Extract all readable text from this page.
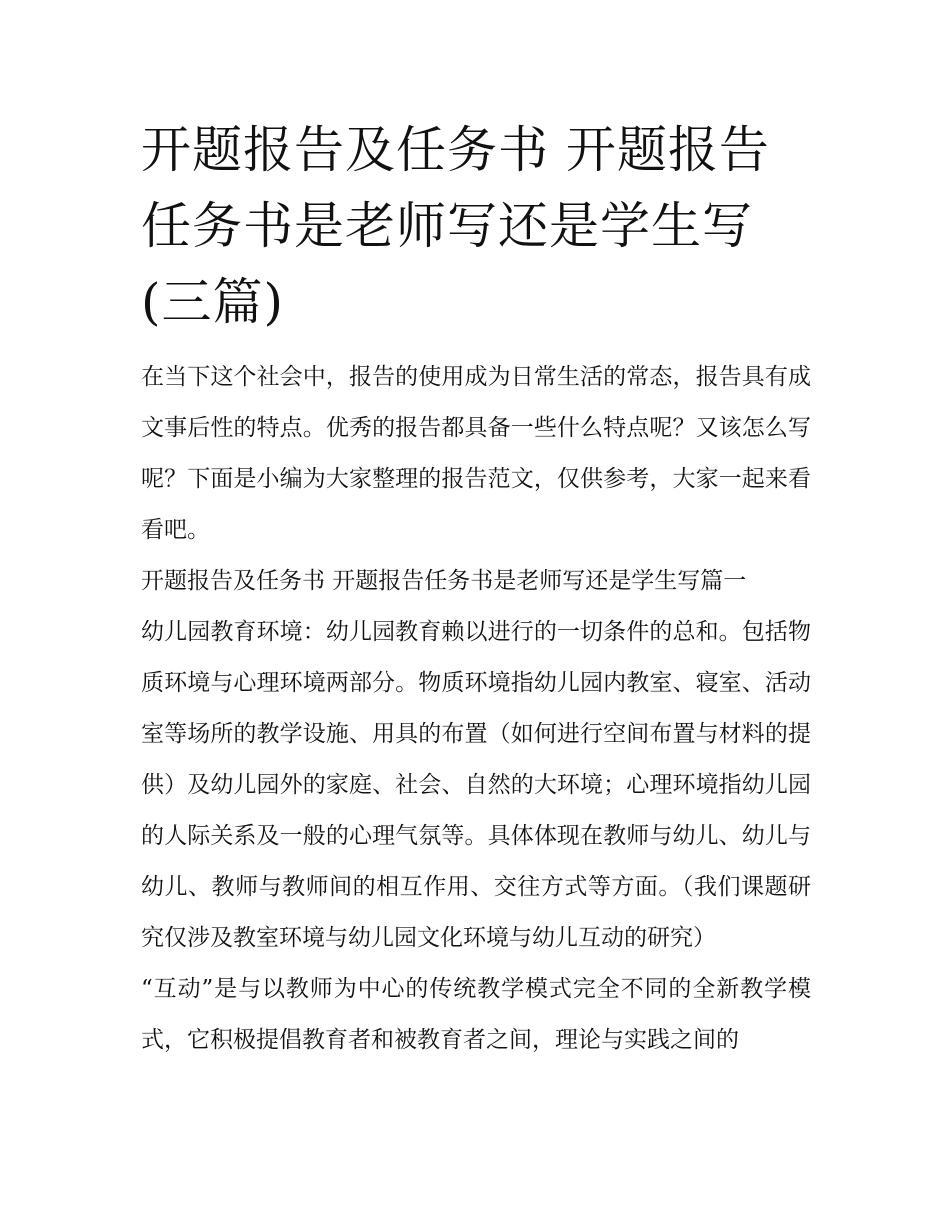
开题报告及任务书 开题报告任务书是老师写还是学生写(三篇)

在当下这个社会中，报告的使用成为日常生活的常态，报告具有成文事后性的特点。优秀的报告都具备一些什么特点呢？又该怎么写呢？下面是小编为大家整理的报告范文，仅供参考，大家一起来看看吧。

开题报告及任务书 开题报告任务书是老师写还是学生写篇一

幼儿园教育环境：幼儿园教育赖以进行的一切条件的总和。包括物质环境与心理环境两部分。物质环境指幼儿园内教室、寝室、活动室等场所的教学设施、用具的布置（如何进行空间布置与材料的提供）及幼儿园外的家庭、社会、自然的大环境；心理环境指幼儿园的人际关系及一般的心理气氛等。具体体现在教师与幼儿、幼儿与幼儿、教师与教师间的相互作用、交往方式等方面。（我们课题研究仅涉及教室环境与幼儿园文化环境与幼儿互动的研究）

“互动”是与以教师为中心的传统教学模式完全不同的全新教学模式，它积极提倡教育者和被教育者之间，理论与实践之间的
